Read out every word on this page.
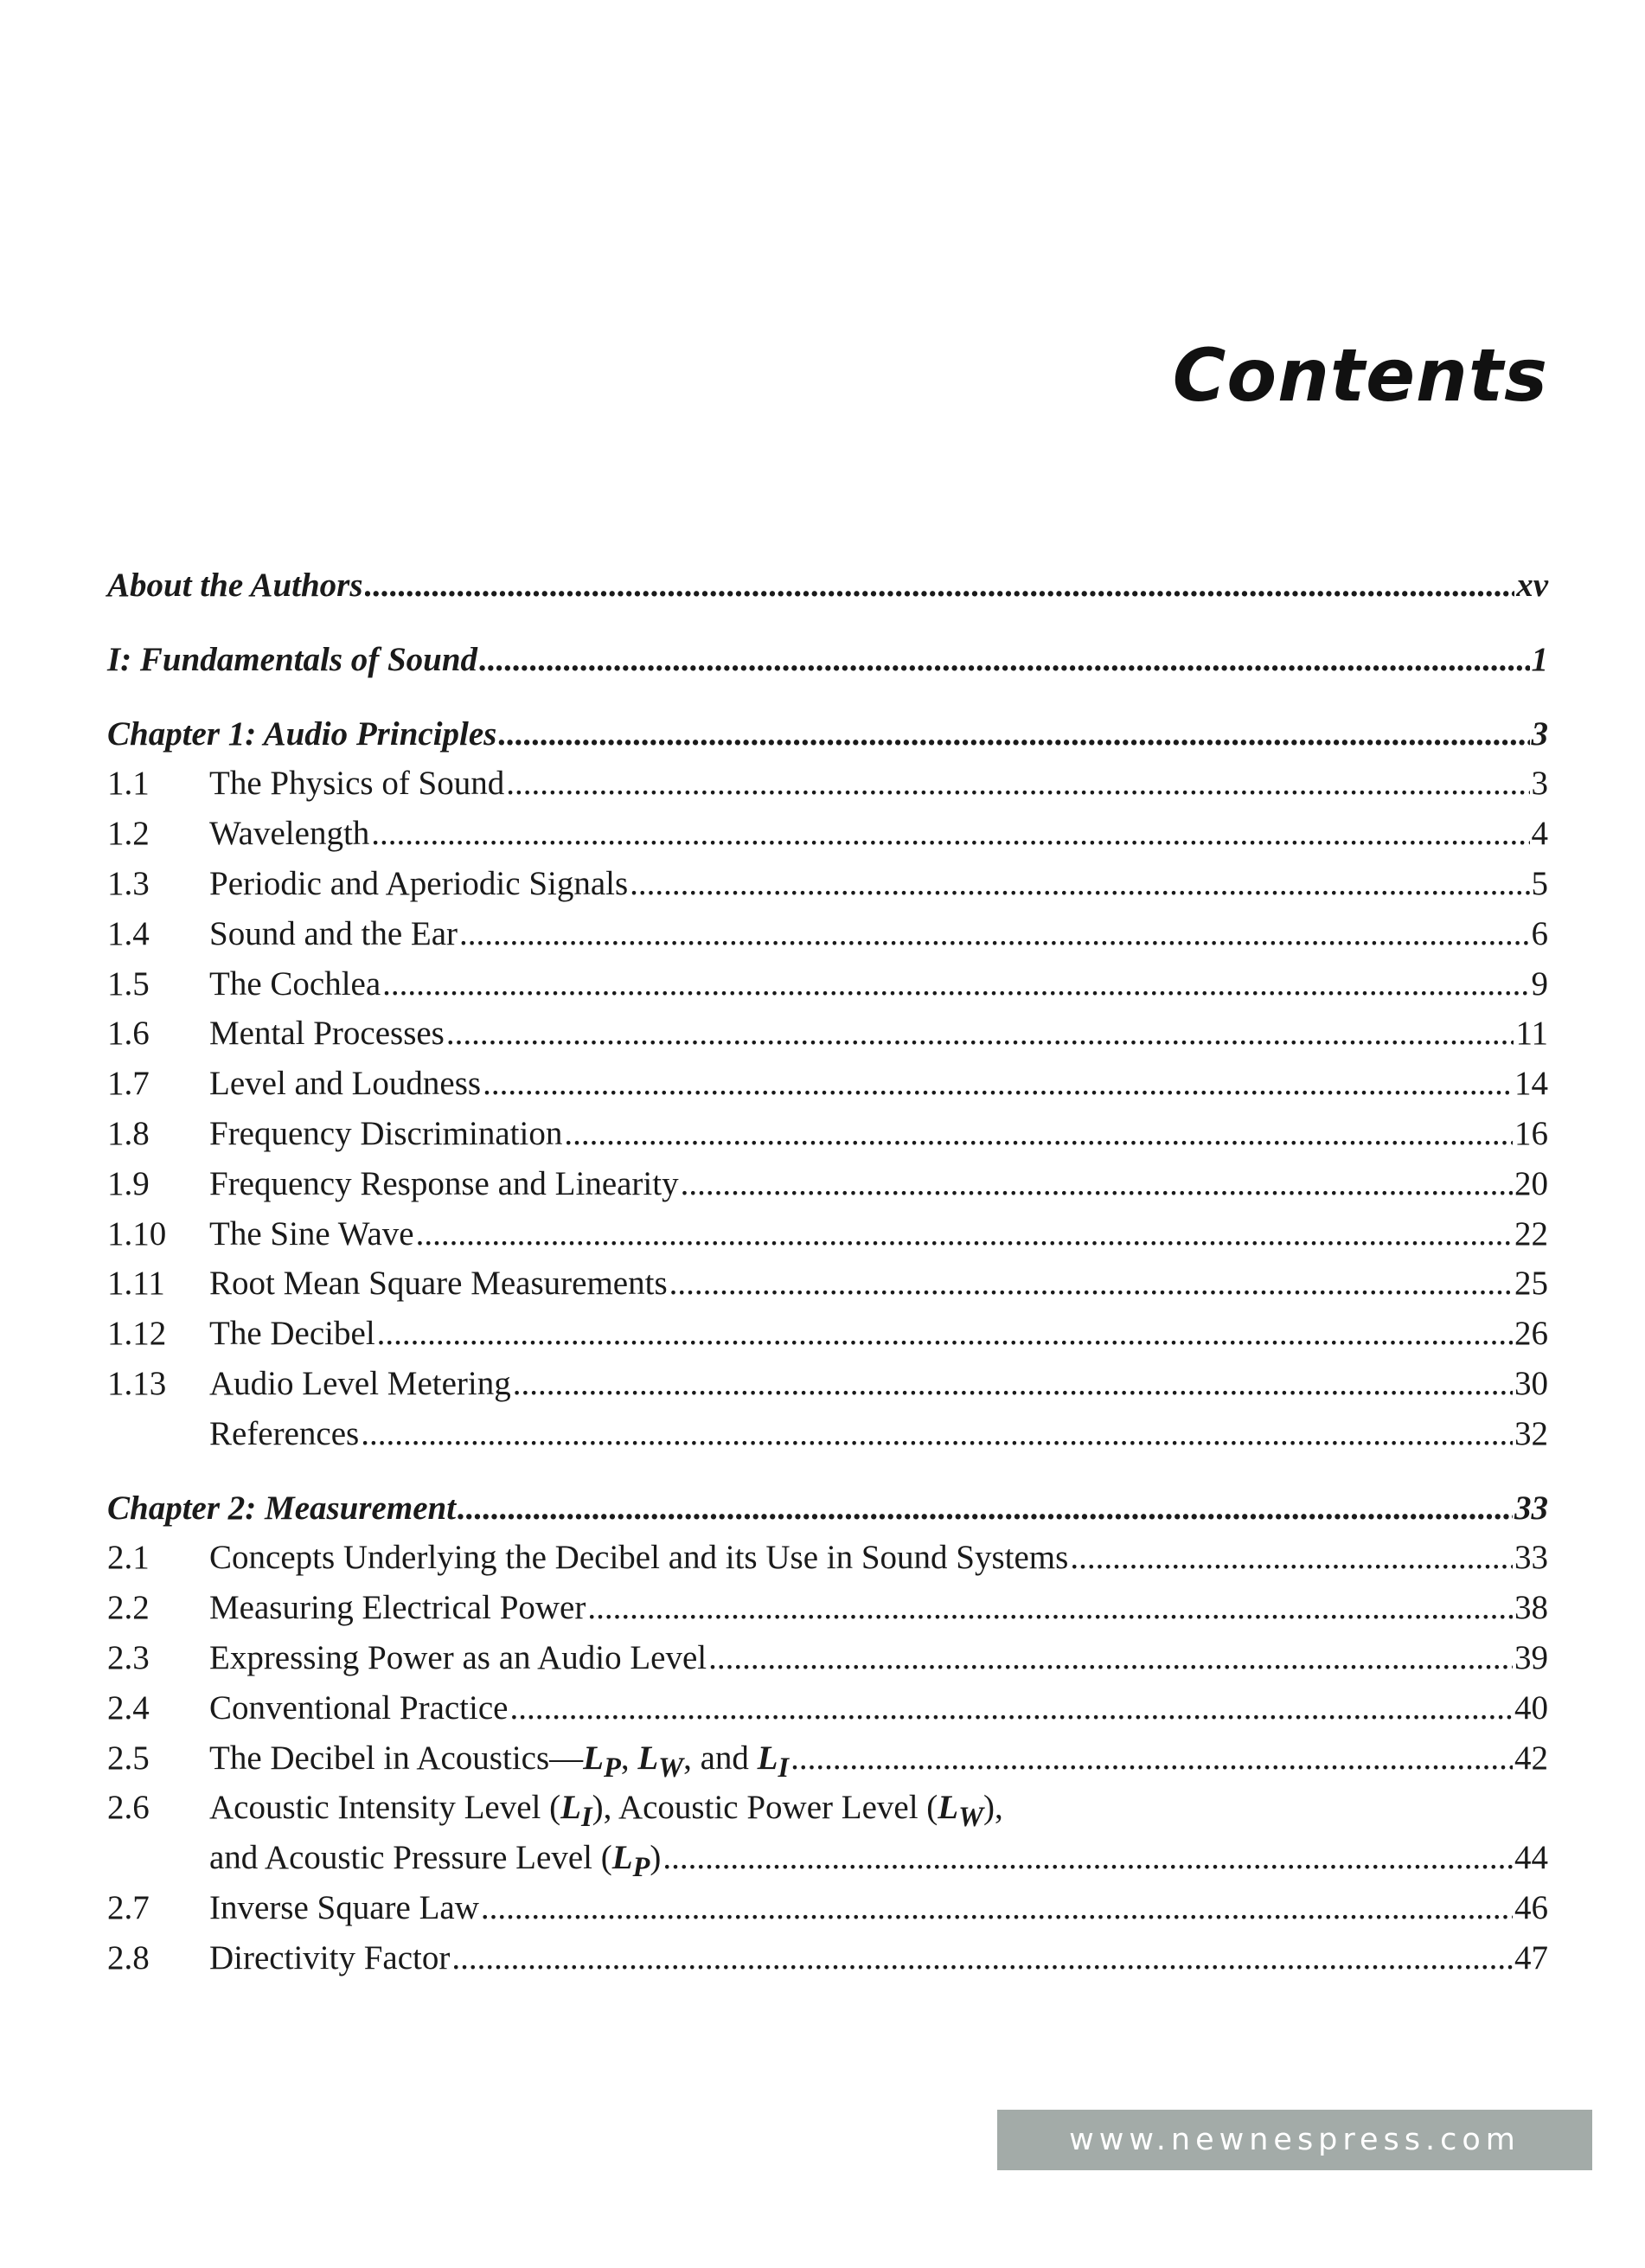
Contents
About the Authors .....	xv
I: Fundamentals of Sound .....	1
Chapter 1: Audio Principles .....	3
1.1	The Physics of Sound .....	3
1.2	Wavelength .....	4
1.3	Periodic and Aperiodic Signals .....	5
1.4	Sound and the Ear .....	6
1.5	The Cochlea .....	9
1.6	Mental Processes .....	11
1.7	Level and Loudness .....	14
1.8	Frequency Discrimination .....	16
1.9	Frequency Response and Linearity .....	20
1.10	The Sine Wave .....	22
1.11	Root Mean Square Measurements .....	25
1.12	The Decibel .....	26
1.13	Audio Level Metering .....	30
References .....	32
Chapter 2: Measurement .....	33
2.1	Concepts Underlying the Decibel and its Use in Sound Systems .....	33
2.2	Measuring Electrical Power .....	38
2.3	Expressing Power as an Audio Level .....	39
2.4	Conventional Practice .....	40
2.5	The Decibel in $Acoustics—L_P$, $L_W$, and $L_I$ .....	42
2.6	Acoustic Intensity Level $(L_I)$, Acoustic Power Level $(L_W)$,
and Acoustic Pressure Level $(L_P)$ .....	44
2.7	Inverse Square Law .....	46
2.8	Directivity Factor .....	47
www.newnespress.com
